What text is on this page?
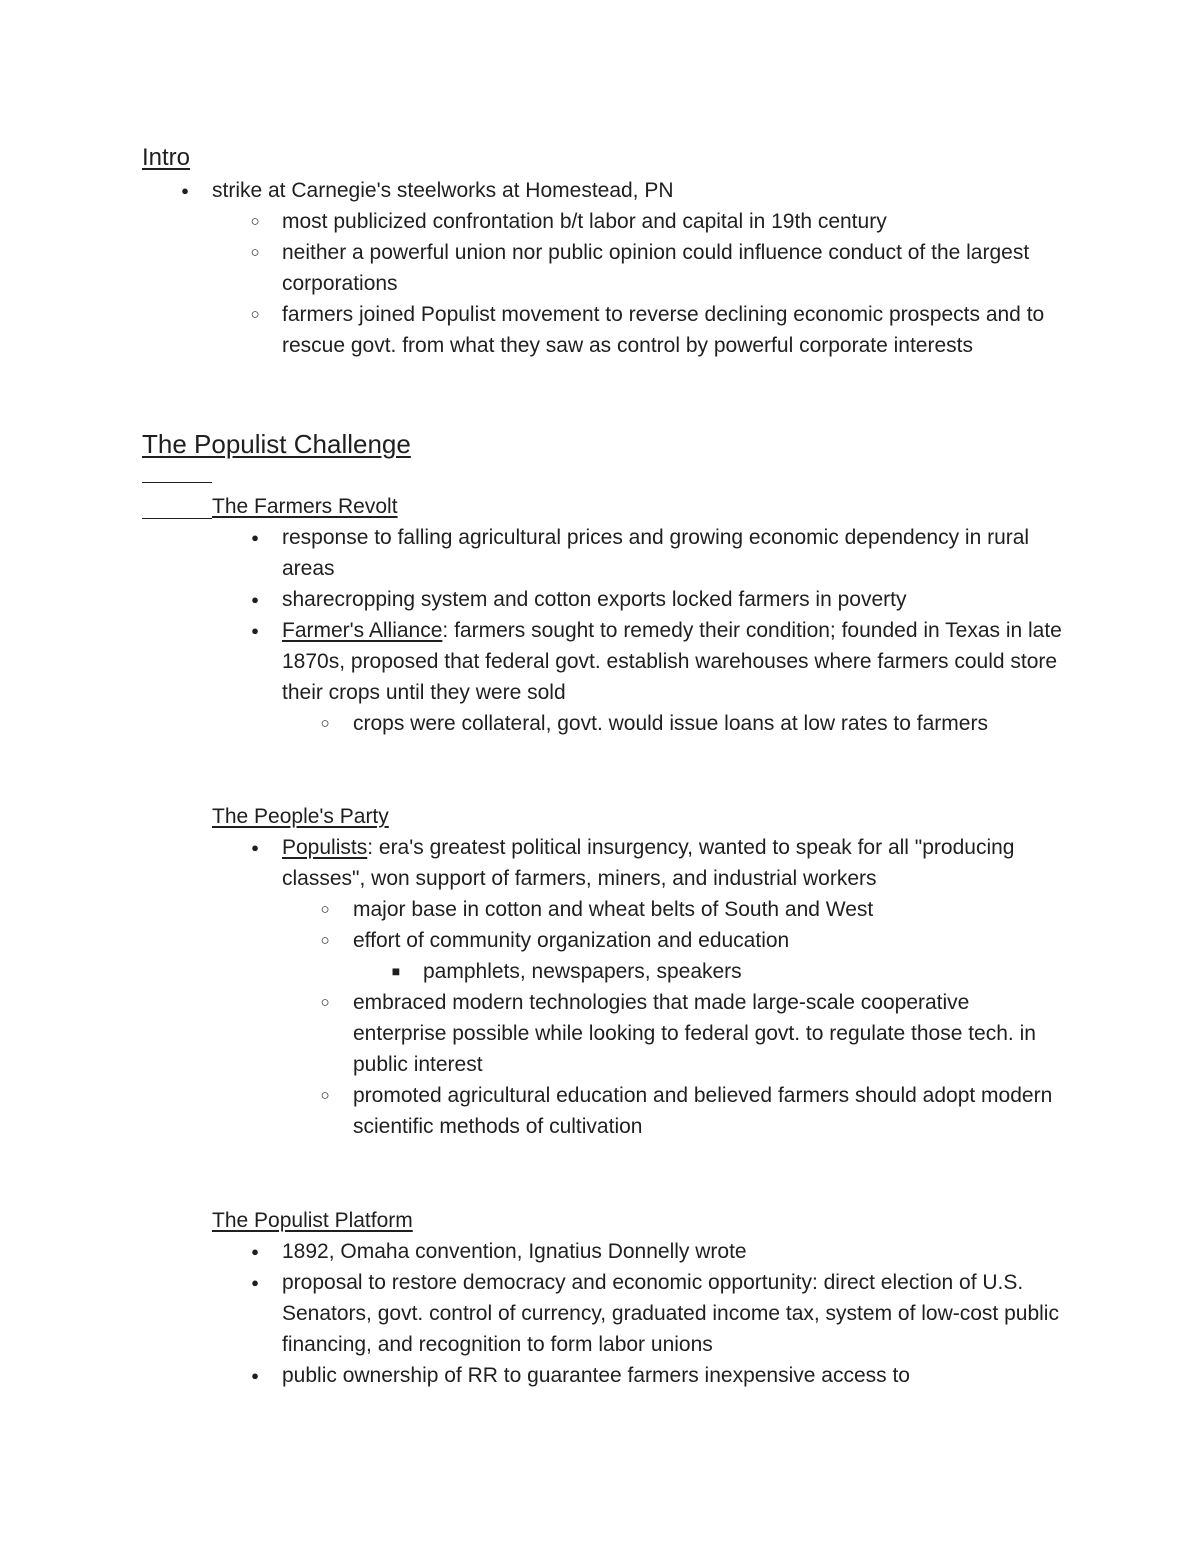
Intro
●
strike at Carnegie's steelworks at Homestead, PN
○
most publicized confrontation b/t labor and capital in 19th century
○
neither a powerful union nor public opinion could influence conduct of the largest corporations
○
farmers joined Populist movement to reverse declining economic prospects and to rescue govt. from what they saw as control by powerful corporate interests
The Populist Challenge
The Farmers Revolt
●
response to falling agricultural prices and growing economic dependency in rural areas
●
sharecropping system and cotton exports locked farmers in poverty
●
Farmer's Alliance: farmers sought to remedy their condition; founded in Texas in late 1870s, proposed that federal govt. establish warehouses where farmers could store their crops until they were sold
○
crops were collateral, govt. would issue loans at low rates to farmers
The People's Party
●
Populists: era's greatest political insurgency, wanted to speak for all "producing classes", won support of farmers, miners, and industrial workers
○
major base in cotton and wheat belts of South and West
○
effort of community organization and education
■
pamphlets, newspapers, speakers
○
embraced modern technologies that made large-scale cooperative enterprise possible while looking to federal govt. to regulate those tech. in public interest
○
promoted agricultural education and believed farmers should adopt modern scientific methods of cultivation
The Populist Platform
●
1892, Omaha convention, Ignatius Donnelly wrote
●
proposal to restore democracy and economic opportunity: direct election of U.S. Senators, govt. control of currency, graduated income tax, system of low-cost public financing, and recognition to form labor unions
●
public ownership of RR to guarantee farmers inexpensive access to
